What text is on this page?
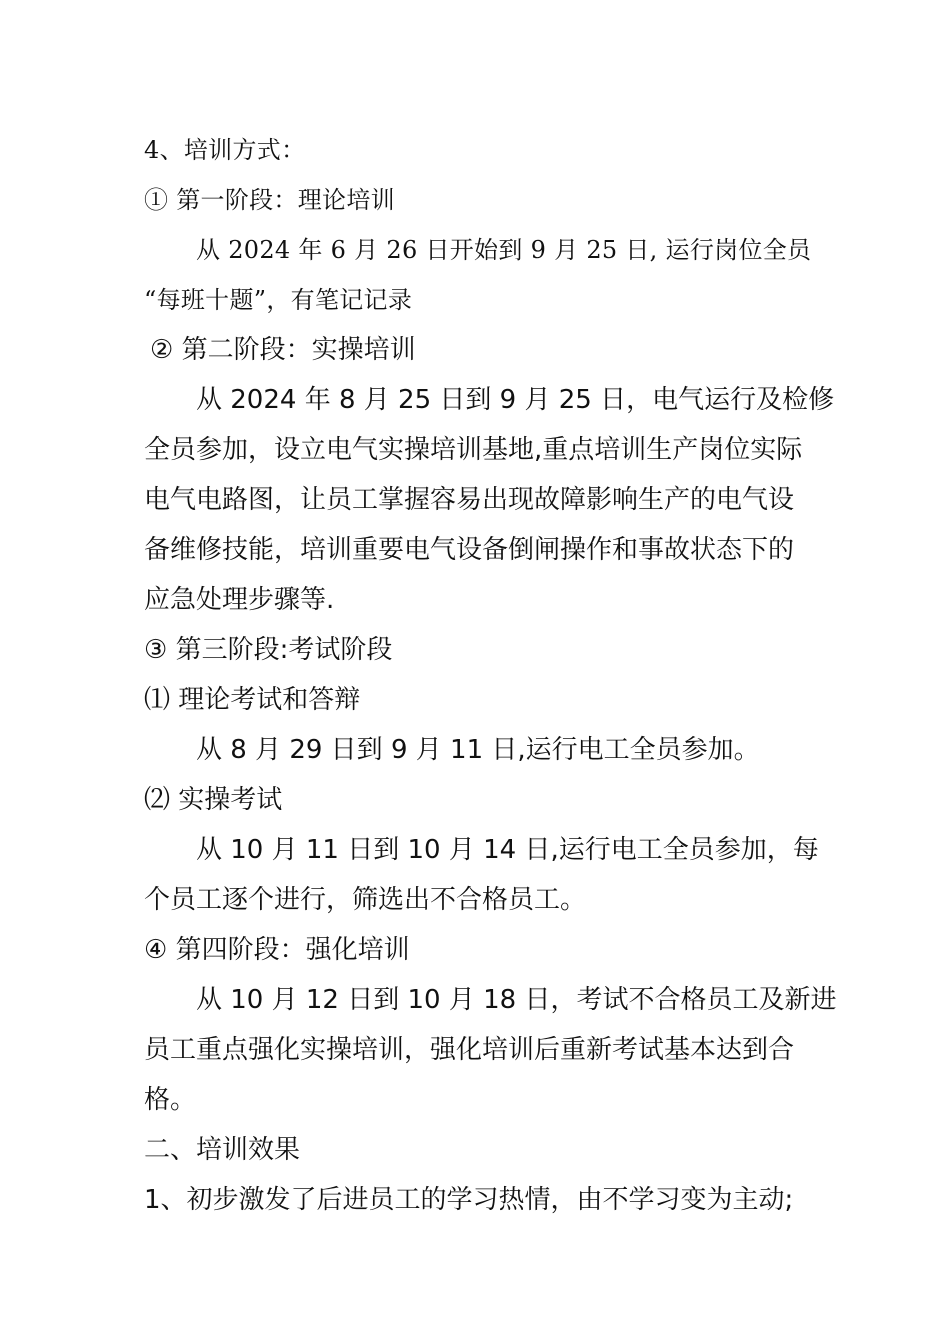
4、培训方式：
① 第一阶段：理论培训
从 2024 年 6 月 26 日开始到 9 月 25 日, 运行岗位全员
“每班十题”，有笔记记录
② 第二阶段：实操培训
从 2024 年 8 月 25 日到 9 月 25 日，电气运行及检修
全员参加，设立电气实操培训基地,重点培训生产岗位实际
电气电路图，让员工掌握容易出现故障影响生产的电气设
备维修技能，培训重要电气设备倒闸操作和事故状态下的
应急处理步骤等.
③ 第三阶段:考试阶段
⑴ 理论考试和答辩
从 8 月 29 日到 9 月 11 日,运行电工全员参加。
⑵ 实操考试
从 10 月 11 日到 10 月 14 日,运行电工全员参加，每
个员工逐个进行，筛选出不合格员工。
④ 第四阶段：强化培训
从 10 月 12 日到 10 月 18 日，考试不合格员工及新进
员工重点强化实操培训，强化培训后重新考试基本达到合
格。
二、培训效果
1、初步激发了后进员工的学习热情，由不学习变为主动;
